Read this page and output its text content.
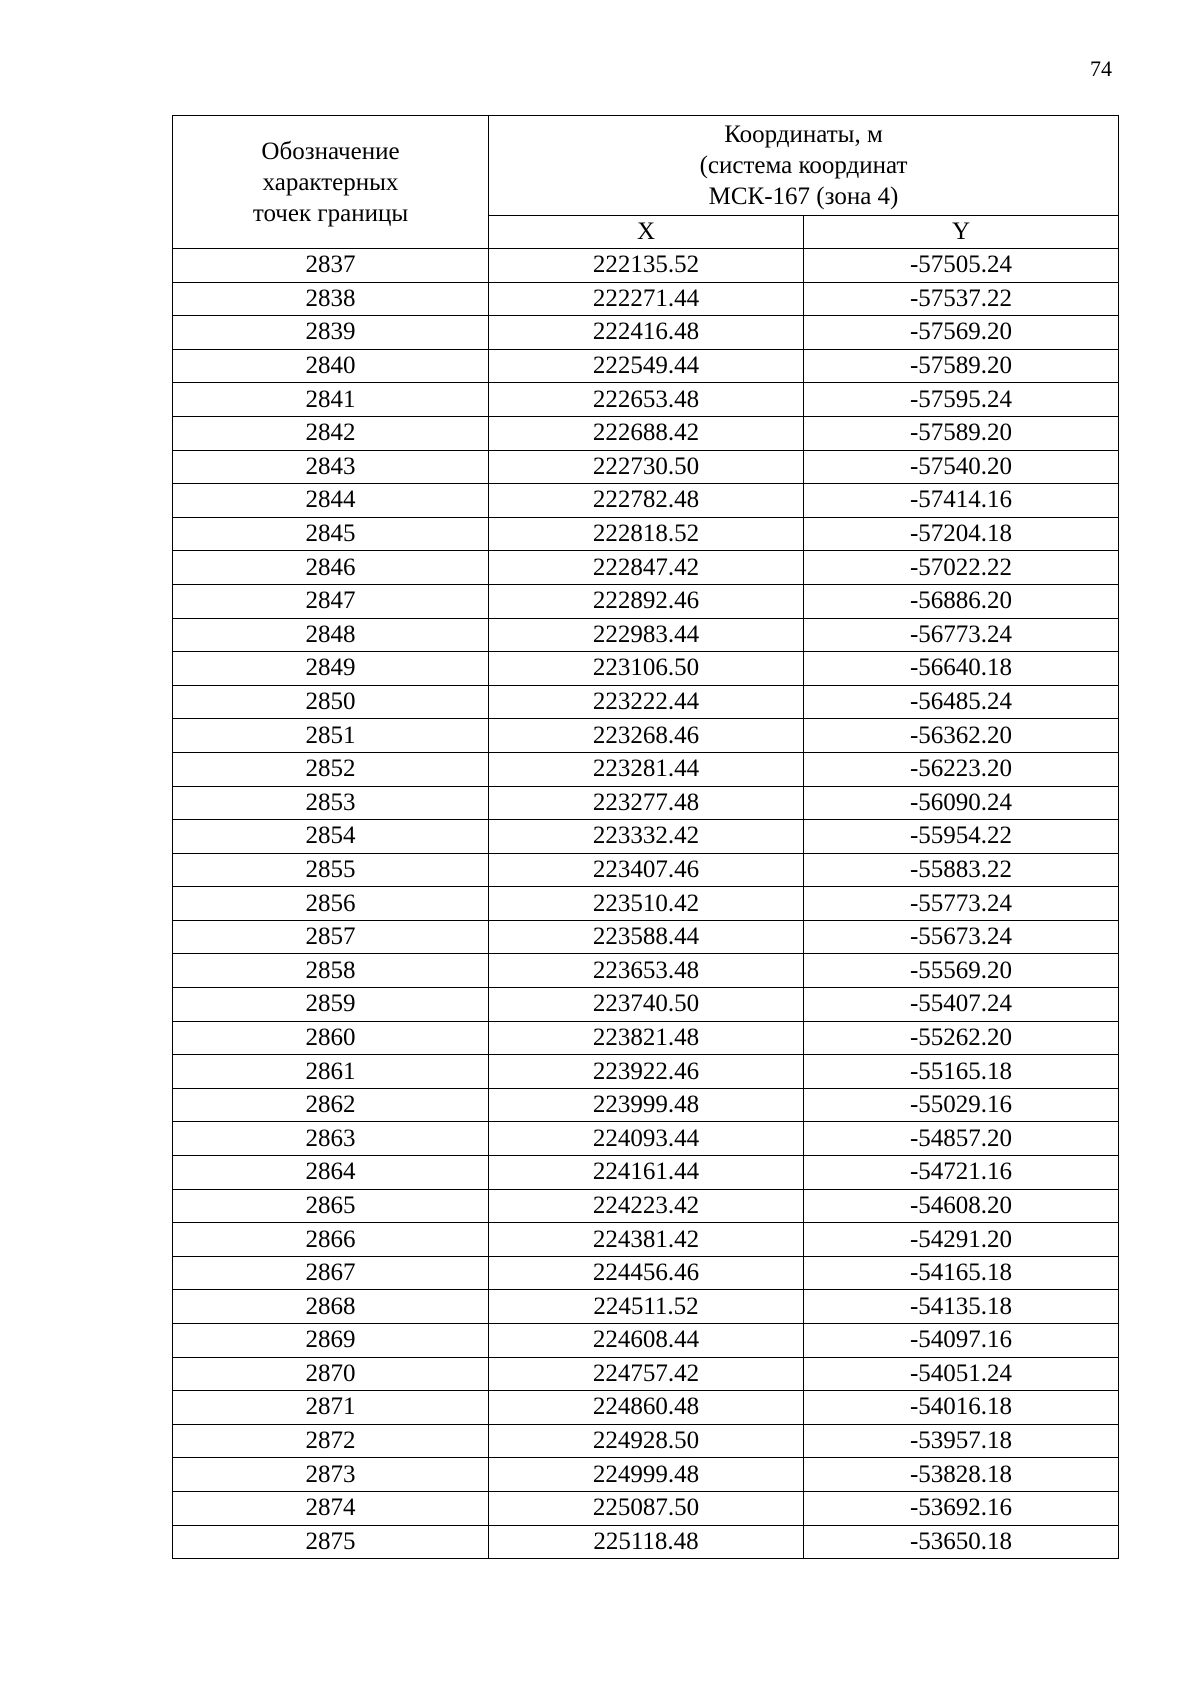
74
Обозначение
характерных
точек границы	Координаты, м
(система координат
МСК-167 (зона 4)	

	X	Y
2837	222135.52	-57505.24
2838	222271.44	-57537.22
2839	222416.48	-57569.20
2840	222549.44	-57589.20
2841	222653.48	-57595.24
2842	222688.42	-57589.20
2843	222730.50	-57540.20
2844	222782.48	-57414.16
2845	222818.52	-57204.18
2846	222847.42	-57022.22
2847	222892.46	-56886.20
2848	222983.44	-56773.24
2849	223106.50	-56640.18
2850	223222.44	-56485.24
2851	223268.46	-56362.20
2852	223281.44	-56223.20
2853	223277.48	-56090.24
2854	223332.42	-55954.22
2855	223407.46	-55883.22
2856	223510.42	-55773.24
2857	223588.44	-55673.24
2858	223653.48	-55569.20
2859	223740.50	-55407.24
2860	223821.48	-55262.20
2861	223922.46	-55165.18
2862	223999.48	-55029.16
2863	224093.44	-54857.20
2864	224161.44	-54721.16
2865	224223.42	-54608.20
2866	224381.42	-54291.20
2867	224456.46	-54165.18
2868	224511.52	-54135.18
2869	224608.44	-54097.16
2870	224757.42	-54051.24
2871	224860.48	-54016.18
2872	224928.50	-53957.18
2873	224999.48	-53828.18
2874	225087.50	-53692.16
2875	225118.48	-53650.18
